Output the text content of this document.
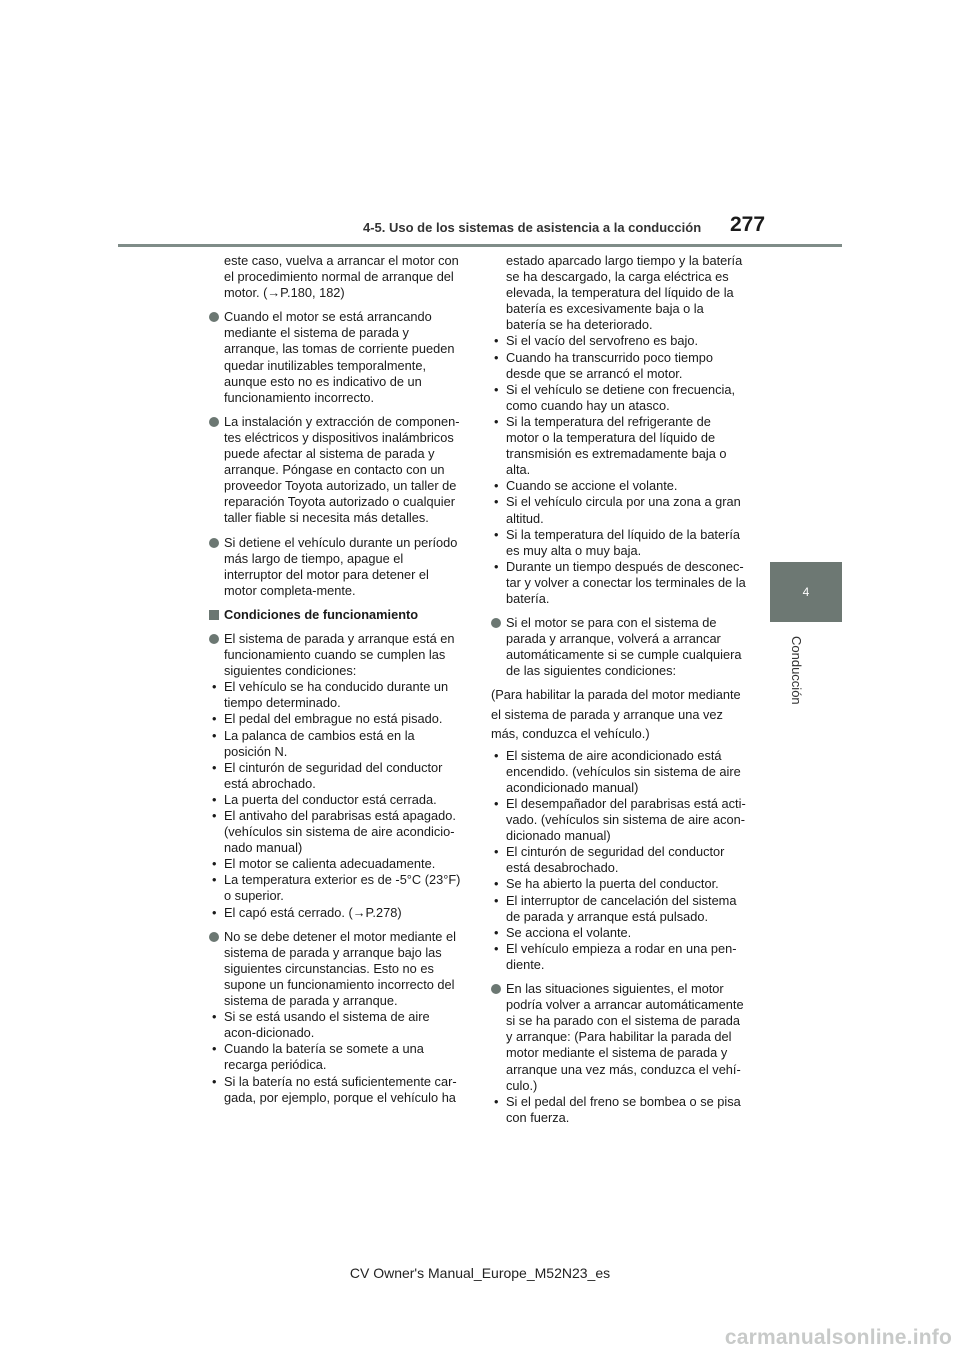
4-5. Uso de los sistemas de asistencia a la conducción 277
4
Conducción

este caso, vuelva a arrancar el motor con el procedimiento normal de arranque del motor. (→P.180, 182)

Cuando el motor se está arrancando mediante el sistema de parada y arranque, las tomas de corriente pueden quedar inutilizables temporalmente, aunque esto no es indicativo de un funcionamiento incorrecto.

La instalación y extracción de componen-tes eléctricos y dispositivos inalámbricos puede afectar al sistema de parada y arranque. Póngase en contacto con un proveedor Toyota autorizado, un taller de reparación Toyota autorizado o cualquier taller fiable si necesita más detalles.

Si detiene el vehículo durante un período más largo de tiempo, apague el interruptor del motor para detener el motor completa-mente.

Condiciones de funcionamiento

El sistema de parada y arranque está en funcionamiento cuando se cumplen las siguientes condiciones:
• El vehículo se ha conducido durante un tiempo determinado.
• El pedal del embrague no está pisado.
• La palanca de cambios está en la posición N.
• El cinturón de seguridad del conductor está abrochado.
• La puerta del conductor está cerrada.
• El antivaho del parabrisas está apagado. (vehículos sin sistema de aire acondicio-nado manual)
• El motor se calienta adecuadamente.
• La temperatura exterior es de -5°C (23°F) o superior.
• El capó está cerrado. (→P.278)
No se debe detener el motor mediante el sistema de parada y arranque bajo las siguientes circunstancias. Esto no es supone un funcionamiento incorrecto del sistema de parada y arranque.
• Si se está usando el sistema de aire acon-dicionado.
• Cuando la batería se somete a una recarga periódica.
• Si la batería no está suficientemente car-gada, por ejemplo, porque el vehículo ha
estado aparcado largo tiempo y la batería se ha descargado, la carga eléctrica es elevada, la temperatura del líquido de la batería es excesivamente baja o la batería se ha deteriorado.
• Si el vacío del servofreno es bajo.
• Cuando ha transcurrido poco tiempo desde que se arrancó el motor.
• Si el vehículo se detiene con frecuencia, como cuando hay un atasco.
• Si la temperatura del refrigerante de motor o la temperatura del líquido de transmisión es extremadamente baja o alta.
• Cuando se accione el volante.
• Si el vehículo circula por una zona a gran altitud.
• Si la temperatura del líquido de la batería es muy alta o muy baja.
• Durante un tiempo después de desconec-tar y volver a conectar los terminales de la batería.

Si el motor se para con el sistema de parada y arranque, volverá a arrancar automáticamente si se cumple cualquiera de las siguientes condiciones:

(Para habilitar la parada del motor mediante

el sistema de parada y arranque una vez

más, conduzca el vehículo.)

• El sistema de aire acondicionado está encendido. (vehículos sin sistema de aire acondicionado manual)
• El desempañador del parabrisas está acti-vado. (vehículos sin sistema de aire acon-dicionado manual)
• El cinturón de seguridad del conductor está desabrochado.
• Se ha abierto la puerta del conductor.
• El interruptor de cancelación del sistema de parada y arranque está pulsado.
• Se acciona el volante.
• El vehículo empieza a rodar en una pen-diente.
En las situaciones siguientes, el motor podría volver a arrancar automáticamente si se ha parado con el sistema de parada y arranque: (Para habilitar la parada del motor mediante el sistema de parada y arranque una vez más, conduzca el vehí-culo.)
• Si el pedal del freno se bombea o se pisa con fuerza.
CV Owner's Manual_Europe_M52N23_es
carmanualsonline.info
